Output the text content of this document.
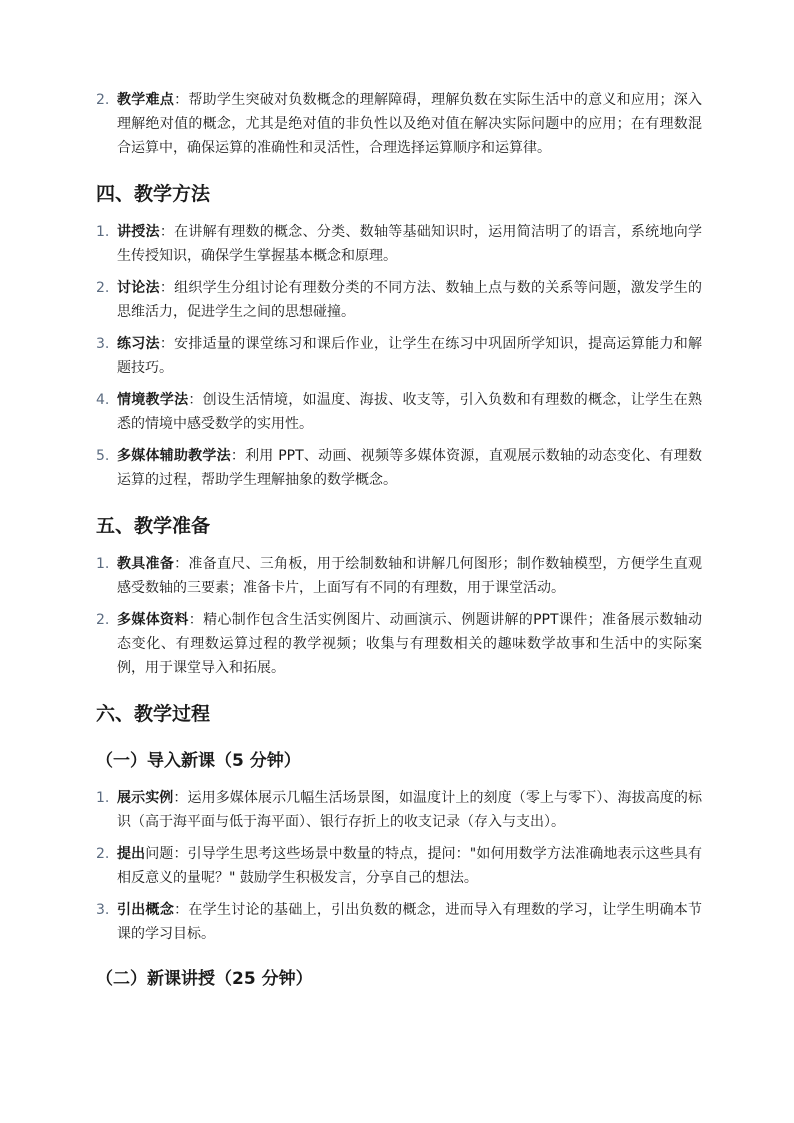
2. 教学难点：帮助学生突破对负数概念的理解障碍，理解负数在实际生活中的意义和应用；深入理解绝对值的概念，尤其是绝对值的非负性以及绝对值在解决实际问题中的应用；在有理数混合运算中，确保运算的准确性和灵活性，合理选择运算顺序和运算律。
四、教学方法
1. 讲授法：在讲解有理数的概念、分类、数轴等基础知识时，运用简洁明了的语言，系统地向学生传授知识，确保学生掌握基本概念和原理。
2. 讨论法：组织学生分组讨论有理数分类的不同方法、数轴上点与数的关系等问题，激发学生的思维活力，促进学生之间的思想碰撞。
3. 练习法：安排适量的课堂练习和课后作业，让学生在练习中巩固所学知识，提高运算能力和解题技巧。
4. 情境教学法：创设生活情境，如温度、海拔、收支等，引入负数和有理数的概念，让学生在熟悉的情境中感受数学的实用性。
5. 多媒体辅助教学法：利用 PPT、动画、视频等多媒体资源，直观展示数轴的动态变化、有理数运算的过程，帮助学生理解抽象的数学概念。
五、教学准备
1. 教具准备：准备直尺、三角板，用于绘制数轴和讲解几何图形；制作数轴模型，方便学生直观感受数轴的三要素；准备卡片，上面写有不同的有理数，用于课堂活动。
2. 多媒体资料：精心制作包含生活实例图片、动画演示、例题讲解的PPT课件；准备展示数轴动态变化、有理数运算过程的教学视频；收集与有理数相关的趣味数学故事和生活中的实际案例，用于课堂导入和拓展。
六、教学过程
（一）导入新课（5 分钟）
1. 展示实例：运用多媒体展示几幅生活场景图，如温度计上的刻度（零上与零下）、海拔高度的标识（高于海平面与低于海平面）、银行存折上的收支记录（存入与支出）。
2. 提出问题：引导学生思考这些场景中数量的特点，提问："如何用数学方法准确地表示这些具有相反意义的量呢？" 鼓励学生积极发言，分享自己的想法。
3. 引出概念：在学生讨论的基础上，引出负数的概念，进而导入有理数的学习，让学生明确本节课的学习目标。
（二）新课讲授（25 分钟）
